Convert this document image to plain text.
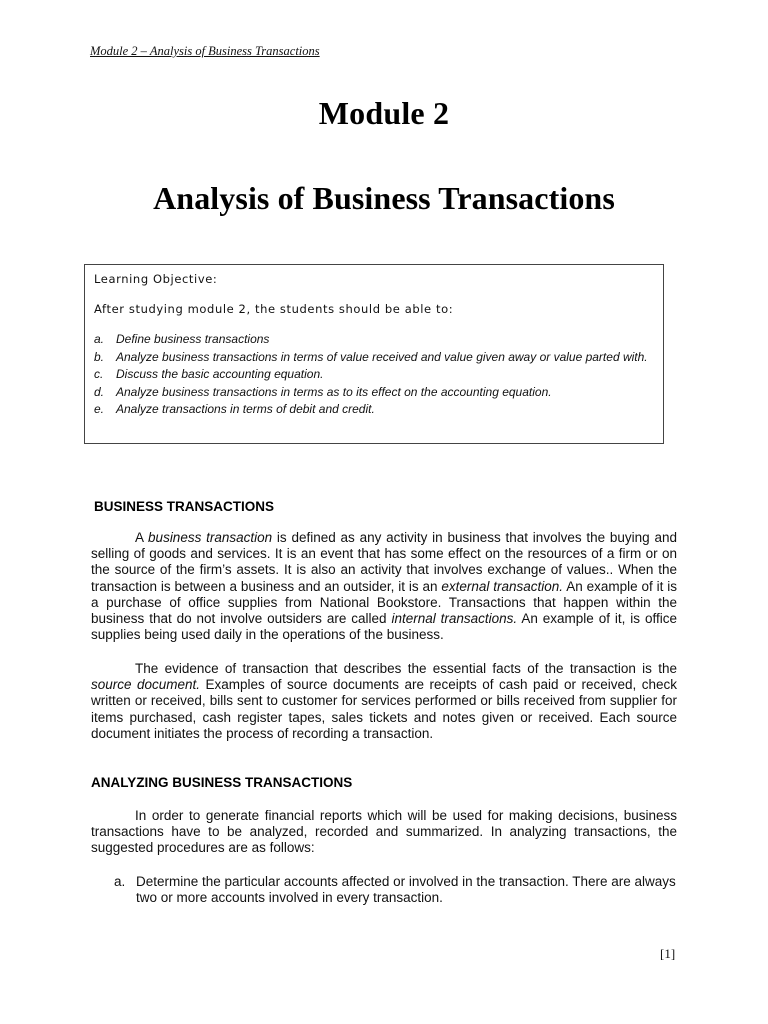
Module 2 – Analysis of Business Transactions
Module 2
Analysis of Business Transactions
Learning Objective:
After studying module 2, the students should be able to:
a. Define business transactions
b. Analyze business transactions in terms of value received and value given away or value parted with.
c.	Discuss the basic accounting equation.
d. Analyze business transactions in terms as to its effect on the accounting equation.
e. Analyze transactions in terms of debit and credit.
BUSINESS TRANSACTIONS
A business transaction is defined as any activity in business that involves the buying and selling of goods and services. It is an event that has some effect on the resources of a firm or on the source of the firm’s assets. It is also an activity that involves exchange of values.. When the transaction is between a business and an outsider, it is an external transaction. An example of it is a purchase of office supplies from National Bookstore. Transactions that happen within the business that do not involve outsiders are called internal transactions. An example of it, is office supplies being used daily in the operations of the business.
The evidence of transaction that describes the essential facts of the transaction is the source document. Examples of source documents are receipts of cash paid or received, check written or received, bills sent to customer for services performed or bills received from supplier for items purchased, cash register tapes, sales tickets and notes given or received. Each source document initiates the process of recording a transaction.
ANALYZING BUSINESS TRANSACTIONS
In order to generate financial reports which will be used for making decisions, business transactions have to be analyzed, recorded and summarized. In analyzing transactions, the suggested procedures are as follows:
a. Determine the particular accounts affected or involved in the transaction. There are always two or more accounts involved in every transaction.
[1]
